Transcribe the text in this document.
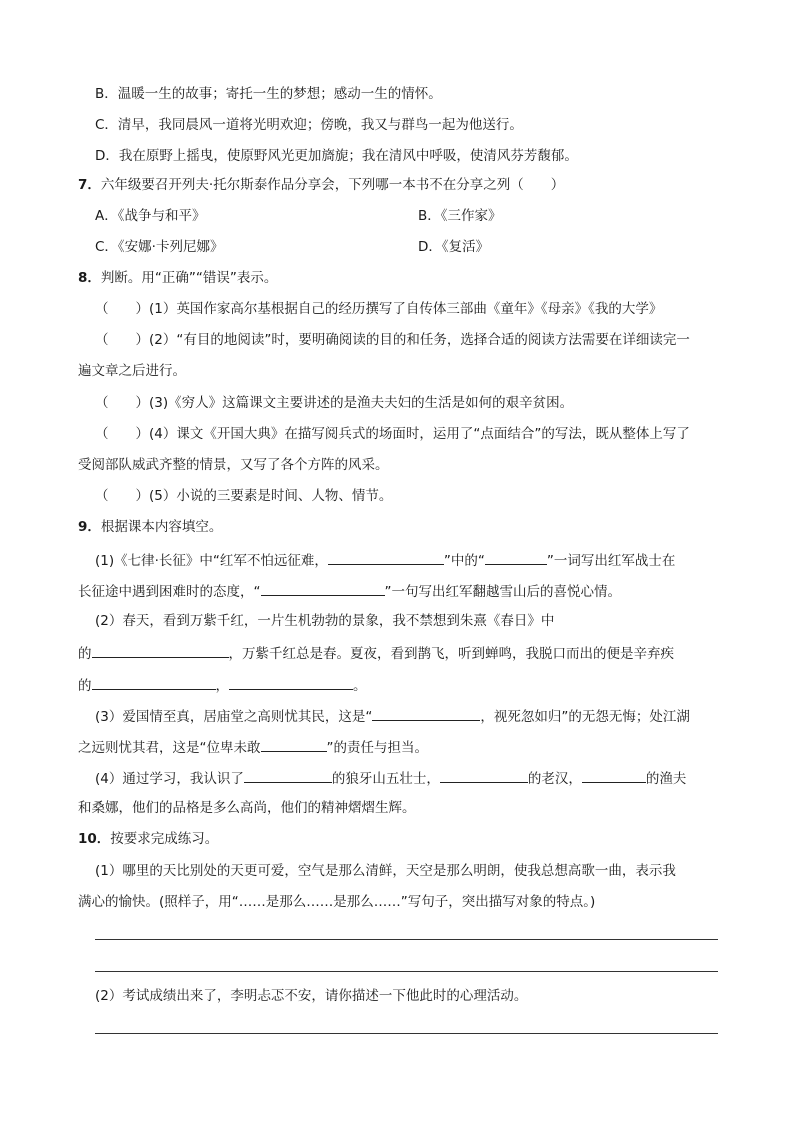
B．温暖一生的故事；寄托一生的梦想；感动一生的情怀。
C．清早，我同晨风一道将光明欢迎；傍晚，我又与群鸟一起为他送行。
D．我在原野上摇曳，使原野风光更加旖旎；我在清风中呼吸，使清风芬芳馥郁。
7．六年级要召开列夫·托尔斯泰作品分享会，下列哪一本书不在分享之列（　　）
A．《战争与和平》	B．《三作家》
C．《安娜·卡列尼娜》	D．《复活》
8．判断。用“正确”“错误”表示。
（　　）(1）英国作家高尔基根据自己的经历撰写了自传体三部曲《童年》《母亲》《我的大学》
（　　）(2）“有目的地阅读”时，要明确阅读的目的和任务，选择合适的阅读方法需要在详细读完一
遍文章之后进行。
（　　）(3)《穷人》这篇课文主要讲述的是渔夫夫妇的生活是如何的艰辛贫困。
（　　）(4）课文《开国大典》在描写阅兵式的场面时，运用了“点面结合”的写法，既从整体上写了
受阅部队威武齐整的情景，又写了各个方阵的风采。
（　　）(5）小说的三要素是时间、人物、情节。
9．根据课本内容填空。
(1)《七律·长征》中“红军不怕远征难，	”中的“	”一词写出红军战士在
长征途中遇到困难时的态度，“	”一句写出红军翻越雪山后的喜悦心情。
(2）春天，看到万紫千红，一片生机勃勃的景象，我不禁想到朱熹《春日》中
的	，万紫千红总是春。夏夜，看到鹊飞，听到蝉鸣，我脱口而出的便是辛弃疾
的	，	。
(3）爱国情至真，居庙堂之高则忧其民，这是“	，视死忽如归”的无怨无悔；处江湖
之远则忧其君，这是“位卑未敢	”的责任与担当。
(4）通过学习，我认识了	的狼牙山五壮士，	的老汉，	的渔夫
和桑娜，他们的品格是多么高尚，他们的精神熠熠生辉。
10．按要求完成练习。
(1）哪里的天比别处的天更可爱，空气是那么清鲜，天空是那么明朗，使我总想高歌一曲，表示我
满心的愉快。(照样子，用“……是那么……是那么……”写句子，突出描写对象的特点。)
(2）考试成绩出来了，李明忐忑不安，请你描述一下他此时的心理活动。
